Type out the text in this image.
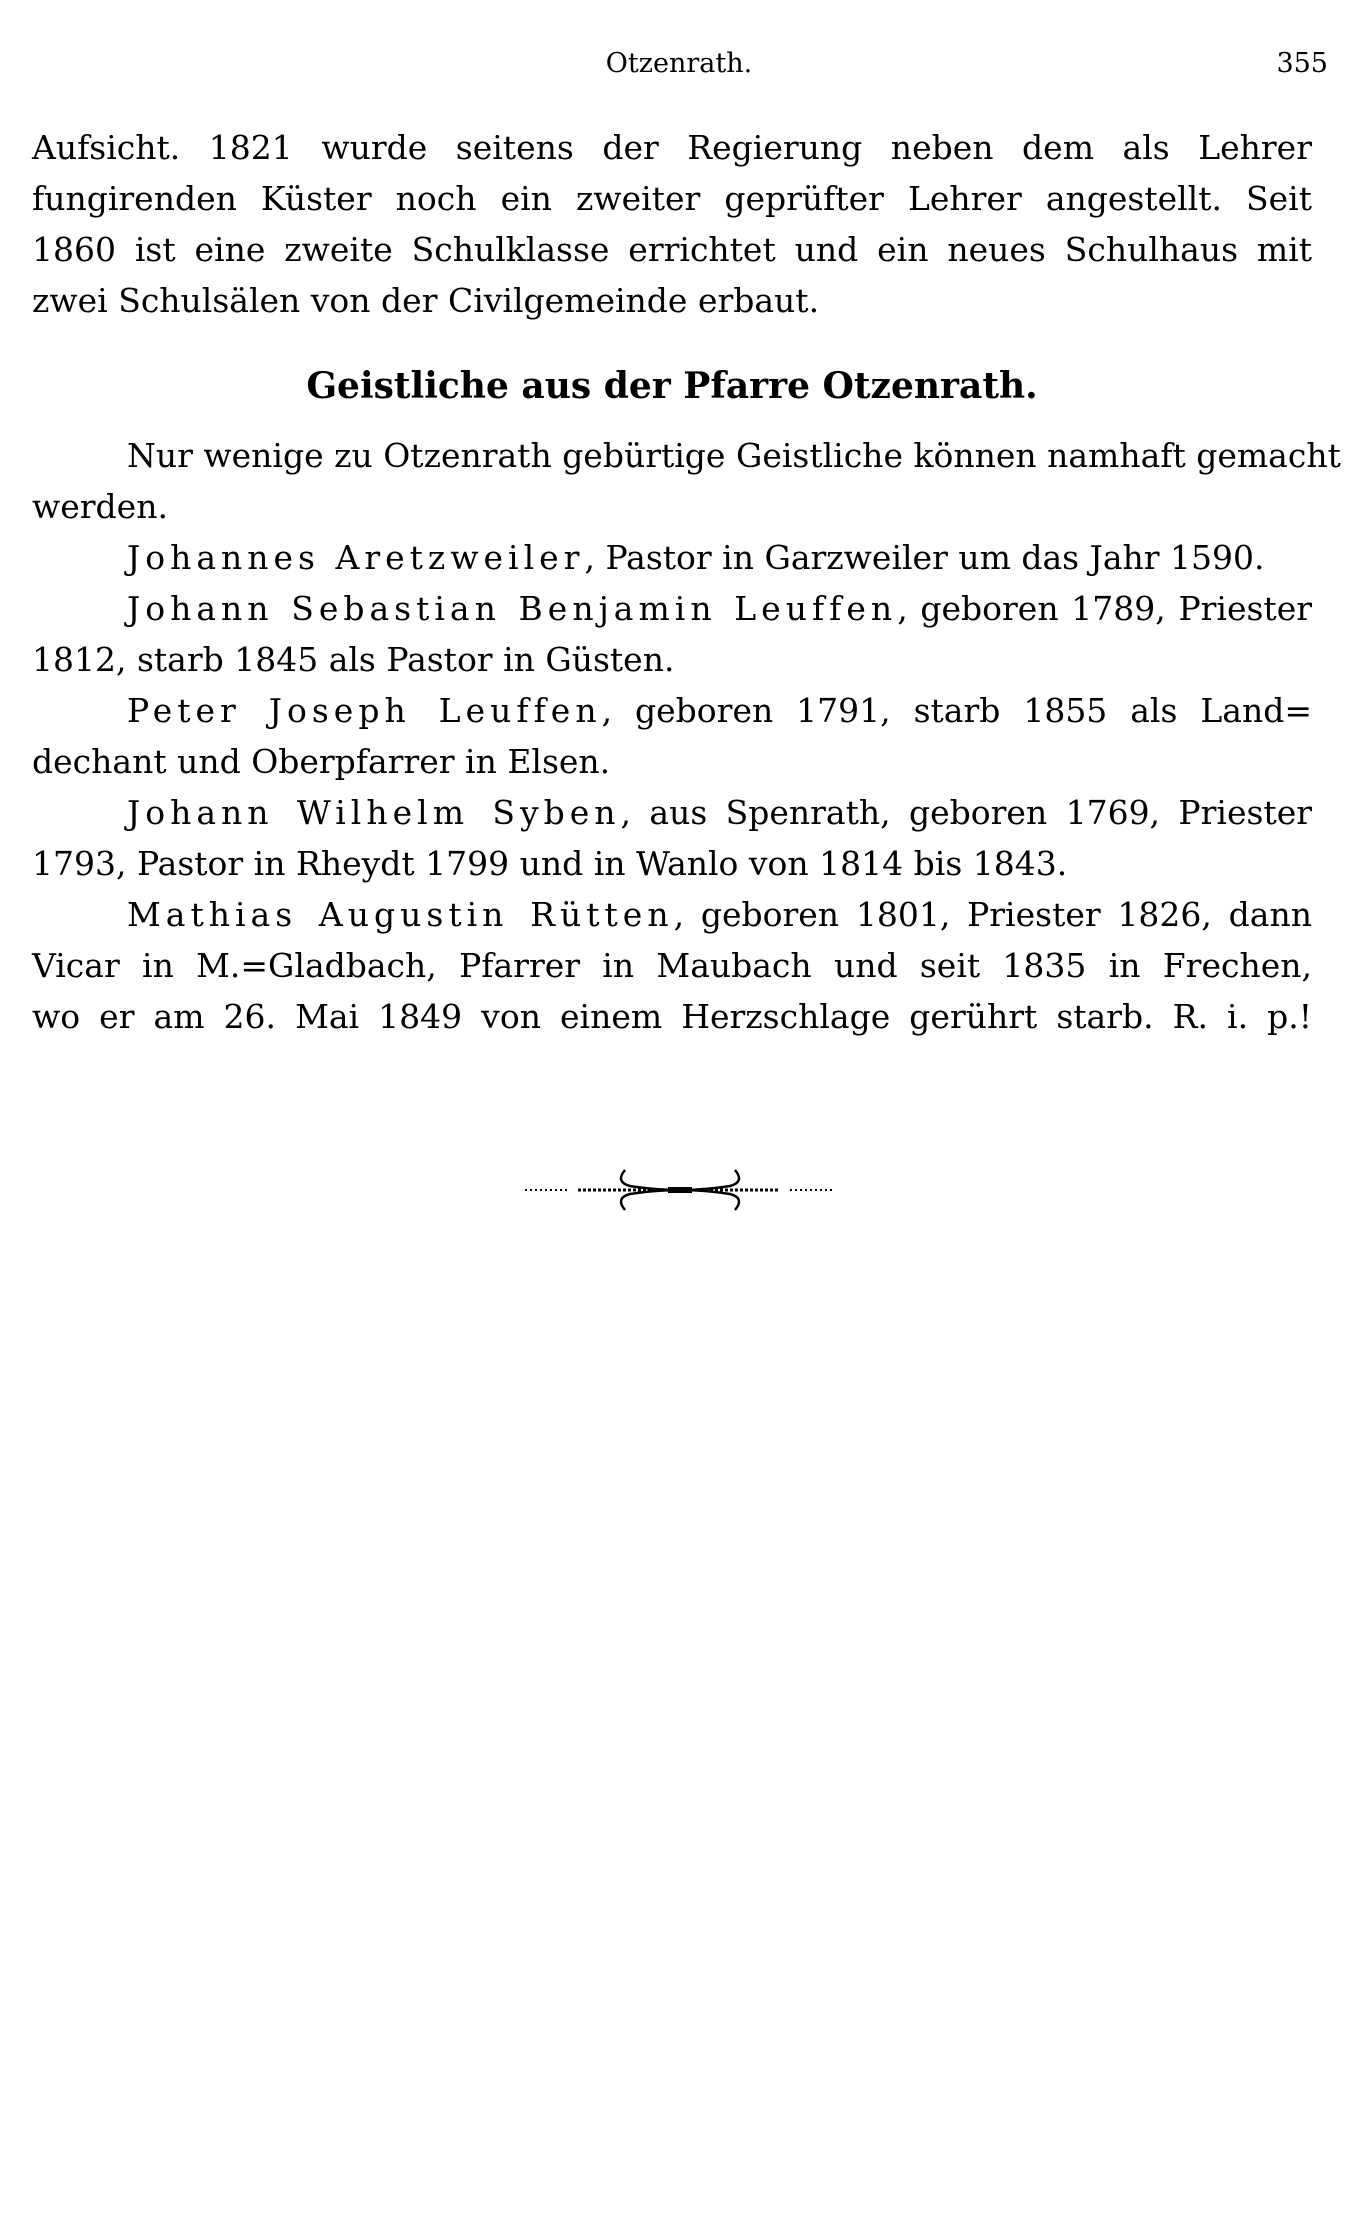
Otzenrath.	355
Aufsicht. 1821 wurde seitens der Regierung neben dem als Lehrer
fungirenden Küster noch ein zweiter geprüfter Lehrer angestellt. Seit
1860 ist eine zweite Schulklasse errichtet und ein neues Schulhaus mit
zwei Schulsälen von der Civilgemeinde erbaut.
Geistliche aus der Pfarre Otzenrath.
Nur wenige zu Otzenrath gebürtige Geistliche können namhaft gemacht
werden.
Johannes Aretzweiler, Pastor in Garzweiler um das Jahr 1590.
Johann Sebastian Benjamin Leuffen, geboren 1789, Priester
1812, starb 1845 als Pastor in Güsten.
Peter Joseph Leuffen, geboren 1791, starb 1855 als Land=
dechant und Oberpfarrer in Elsen.
Johann Wilhelm Syben, aus Spenrath, geboren 1769, Priester
1793, Pastor in Rheydt 1799 und in Wanlo von 1814 bis 1843.
Mathias Augustin Rütten, geboren 1801, Priester 1826, dann
Vicar in M.=Gladbach, Pfarrer in Maubach und seit 1835 in Frechen,
wo er am 26. Mai 1849 von einem Herzschlage gerührt starb. R. i. p.!
